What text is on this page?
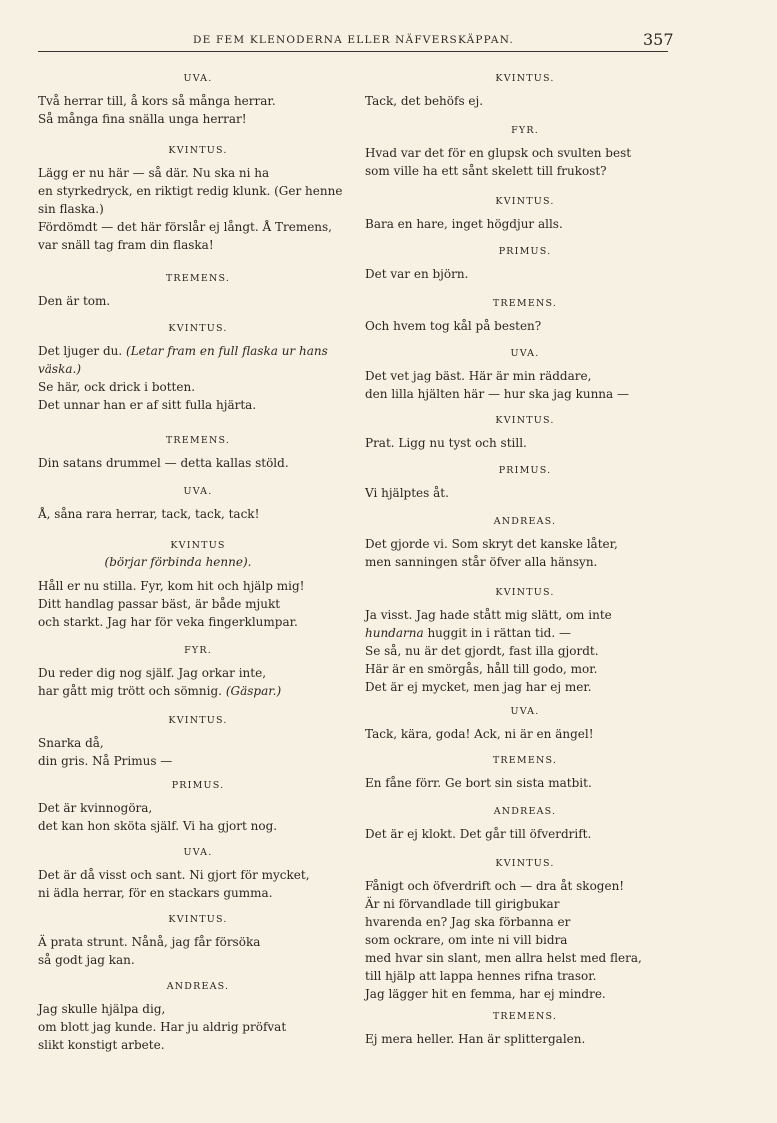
DE FEM KLENODERNA ELLER NÄFVERSKÄPPAN.	357

UVA.

Två herrar till, å kors så många herrar.

Så många fina snälla unga herrar!

KVINTUS.

Lägg er nu här — så där. Nu ska ni ha

en styrkedryck, en riktigt redig klunk. (Ger henne

sin flaska.)

Fördömdt — det här förslår ej långt. Å Tremens,

var snäll tag fram din flaska!

TREMENS.

Den är tom.

KVINTUS.

Det ljuger du. (Letar fram en full flaska ur hans

väska.)

Se här, ock drick i botten.

Det unnar han er af sitt fulla hjärta.

TREMENS.

Din satans drummel — detta kallas stöld.

UVA.

Å, såna rara herrar, tack, tack, tack!

KVINTUS

(börjar förbinda henne).

Håll er nu stilla. Fyr, kom hit och hjälp mig!

Ditt handlag passar bäst, är både mjukt

och starkt. Jag har för veka fingerklumpar.

FYR.

Du reder dig nog själf. Jag orkar inte,

har gått mig trött och sömnig. (Gäspar.)

KVINTUS.

Snarka då,

din gris. Nå Primus —

PRIMUS.

Det är kvinnogöra,

det kan hon sköta själf. Vi ha gjort nog.

UVA.

Det är då visst och sant. Ni gjort för mycket,

ni ädla herrar, för en stackars gumma.

KVINTUS.

Ä prata strunt. Nånå, jag får försöka

så godt jag kan.

ANDREAS.

Jag skulle hjälpa dig,

om blott jag kunde. Har ju aldrig pröfvat

slikt konstigt arbete.

KVINTUS.

Tack, det behöfs ej.

FYR.

Hvad var det för en glupsk och svulten best

som ville ha ett sånt skelett till frukost?

KVINTUS.

Bara en hare, inget högdjur alls.

PRIMUS.

Det var en björn.

TREMENS.

Och hvem tog kål på besten?

UVA.

Det vet jag bäst. Här är min räddare,

den lilla hjälten här — hur ska jag kunna —

KVINTUS.

Prat. Ligg nu tyst och still.

PRIMUS.

Vi hjälptes åt.

ANDREAS.

Det gjorde vi. Som skryt det kanske låter,

men sanningen står öfver alla hänsyn.

KVINTUS.

Ja visst. Jag hade stått mig slätt, om inte

hundarna huggit in i rättan tid. —

Se så, nu är det gjordt, fast illa gjordt.

Här är en smörgås, håll till godo, mor.

Det är ej mycket, men jag har ej mer.

UVA.

Tack, kära, goda! Ack, ni är en ängel!

TREMENS.

En fåne förr. Ge bort sin sista matbit.

ANDREAS.

Det är ej klokt. Det går till öfverdrift.

KVINTUS.

Fånigt och öfverdrift och — dra åt skogen!

Är ni förvandlade till girigbukar

hvarenda en? Jag ska förbanna er

som ockrare, om inte ni vill bidra

med hvar sin slant, men allra helst med flera,

till hjälp att lappa hennes rifna trasor.

Jag lägger hit en femma, har ej mindre.

TREMENS.

Ej mera heller. Han är splittergalen.
